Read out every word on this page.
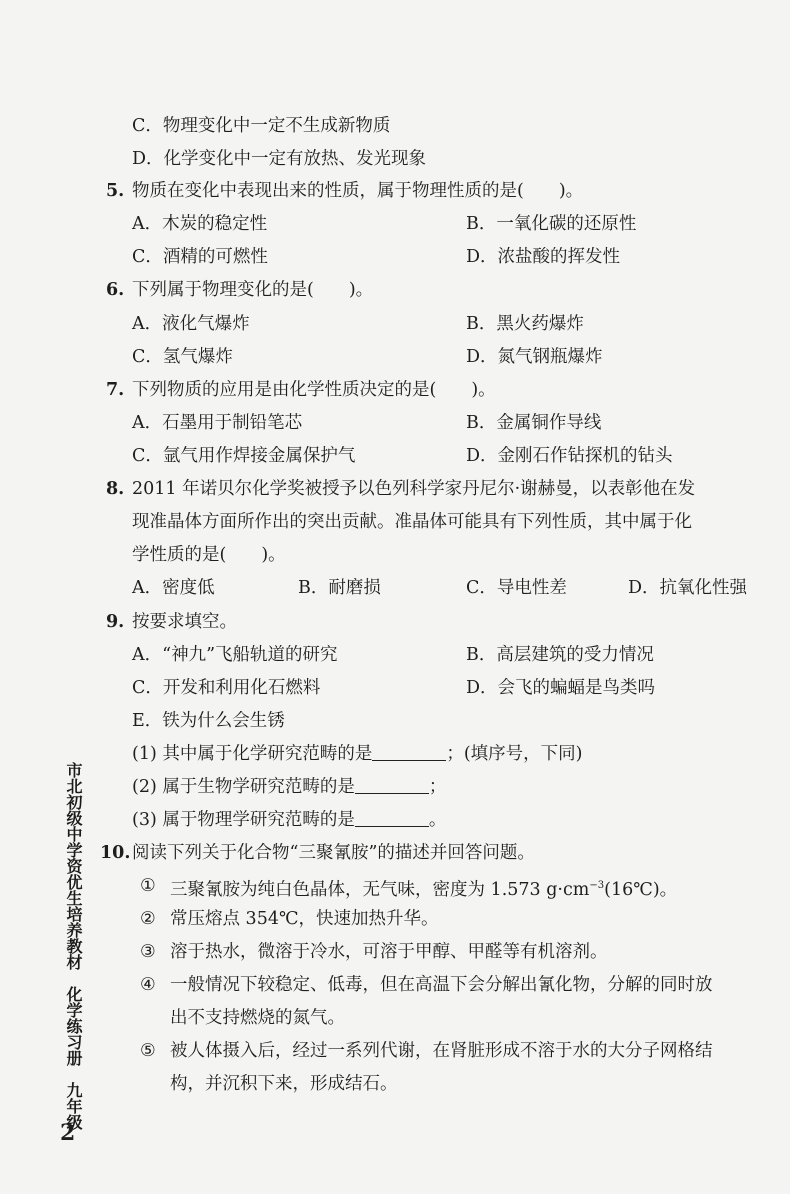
C．物理变化中一定不生成新物质
D．化学变化中一定有放热、发光现象
5. 物质在变化中表现出来的性质，属于物理性质的是(　　)。
A．木炭的稳定性	B．一氧化碳的还原性
C．酒精的可燃性	D．浓盐酸的挥发性
6. 下列属于物理变化的是(　　)。
A．液化气爆炸	B．黑火药爆炸
C．氢气爆炸	D．氮气钢瓶爆炸
7. 下列物质的应用是由化学性质决定的是(　　)。
A．石墨用于制铅笔芯	B．金属铜作导线
C．氩气用作焊接金属保护气	D．金刚石作钻探机的钻头
8. 2011 年诺贝尔化学奖被授予以色列科学家丹尼尔·谢赫曼，以表彰他在发
现准晶体方面所作出的突出贡献。准晶体可能具有下列性质，其中属于化
学性质的是(　　)。
A．密度低	B．耐磨损	C．导电性差	D．抗氧化性强
9. 按要求填空。
A．“神九”飞船轨道的研究	B．高层建筑的受力情况
C．开发和利用化石燃料	D．会飞的蝙蝠是鸟类吗
E．铁为什么会生锈
(1) 其中属于化学研究范畴的是	；(填序号，下同)
(2) 属于生物学研究范畴的是	；
(3) 属于物理学研究范畴的是	。
10. 阅读下列关于化合物“三聚氰胺”的描述并回答问题。
① 三聚氰胺为纯白色晶体，无气味，密度为 1.573 $g\cdot cm^{-3}(16℃)$。
② 常压熔点 354℃，快速加热升华。
③ 溶于热水，微溶于冷水，可溶于甲醇、甲醛等有机溶剂。
④ 一般情况下较稳定、低毒，但在高温下会分解出氰化物，分解的同时放
出不支持燃烧的氮气。
⑤ 被人体摄入后，经过一系列代谢，在肾脏形成不溶于水的大分子网格结
构，并沉积下来，形成结石。
市北初级中学资优生培养教材　化学练习册　九年级
2
